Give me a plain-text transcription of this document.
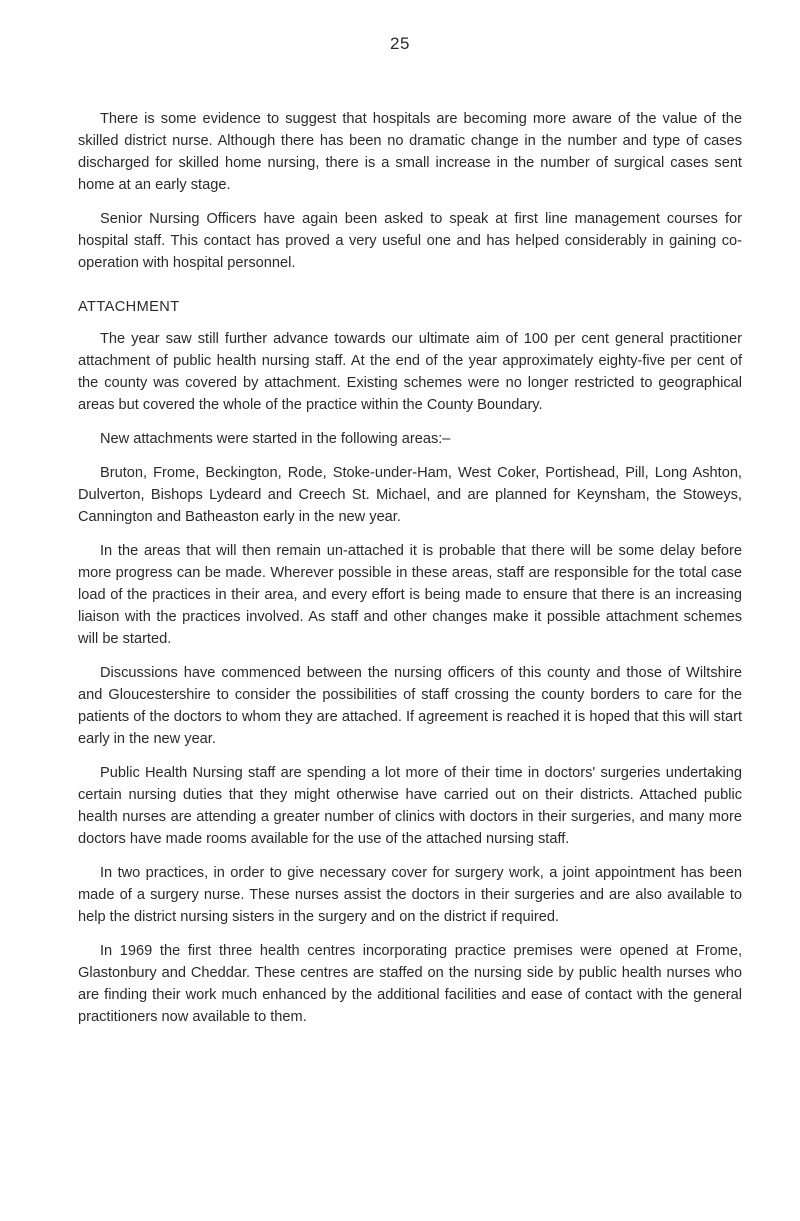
25

There is some evidence to suggest that hospitals are becoming more aware of the value of the skilled district nurse. Although there has been no dramatic change in the number and type of cases discharged for skilled home nursing, there is a small increase in the number of surgical cases sent home at an early stage.

Senior Nursing Officers have again been asked to speak at first line management courses for hospital staff. This contact has proved a very useful one and has helped considerably in gaining co-operation with hospital personnel.

ATTACHMENT

The year saw still further advance towards our ultimate aim of 100 per cent general practitioner attachment of public health nursing staff. At the end of the year approximately eighty-five per cent of the county was covered by attachment. Existing schemes were no longer restricted to geographical areas but covered the whole of the practice within the County Boundary.

New attachments were started in the following areas:–

Bruton, Frome, Beckington, Rode, Stoke-under-Ham, West Coker, Portishead, Pill, Long Ashton, Dulverton, Bishops Lydeard and Creech St. Michael, and are planned for Keynsham, the Stoweys, Cannington and Batheaston early in the new year.

In the areas that will then remain un-attached it is probable that there will be some delay before more progress can be made. Wherever possible in these areas, staff are responsible for the total case load of the practices in their area, and every effort is being made to ensure that there is an increasing liaison with the practices involved. As staff and other changes make it possible attachment schemes will be started.

Discussions have commenced between the nursing officers of this county and those of Wiltshire and Gloucestershire to consider the possibilities of staff crossing the county borders to care for the patients of the doctors to whom they are attached. If agreement is reached it is hoped that this will start early in the new year.

Public Health Nursing staff are spending a lot more of their time in doctors' surgeries undertaking certain nursing duties that they might otherwise have carried out on their districts. Attached public health nurses are attending a greater number of clinics with doctors in their surgeries, and many more doctors have made rooms available for the use of the attached nursing staff.

In two practices, in order to give necessary cover for surgery work, a joint appointment has been made of a surgery nurse. These nurses assist the doctors in their surgeries and are also available to help the district nursing sisters in the surgery and on the district if required.

In 1969 the first three health centres incorporating practice premises were opened at Frome, Glastonbury and Cheddar. These centres are staffed on the nursing side by public health nurses who are finding their work much enhanced by the additional facilities and ease of contact with the general practitioners now available to them.
